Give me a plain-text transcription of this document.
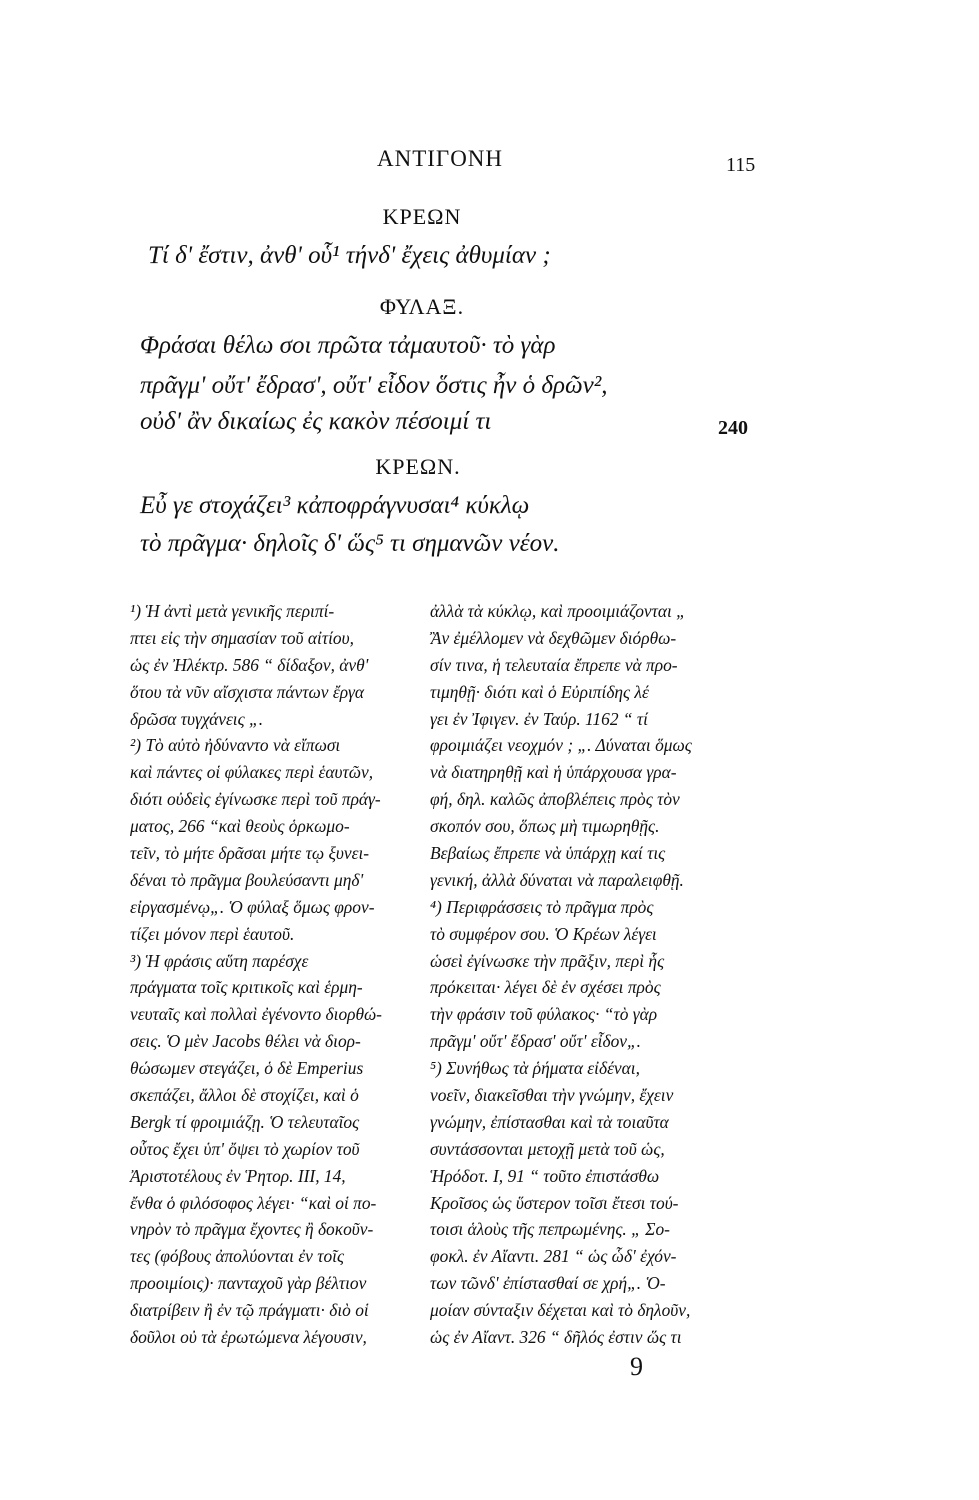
ΑΝΤΙΓΟΝΗ	115
ΚΡΕΩΝ
Τί δ' ἔστιν, ἀνθ' οὗ¹ τήνδ' ἔχεις ἀθυμίαν ;
ΦΥΛΑΞ.
Φράσαι θέλω σοι πρῶτα τἀμαυτοῦ· τὸ γὰρ
πρᾶγμ' οὔτ' ἔδρασ', οὔτ' εἶδον ὅστις ἦν ὁ δρῶν²,
οὐδ' ἂν δικαίως ἐς κακὸν πέσοιμί τι	240
ΚΡΕΩΝ.
Εὖ γε στοχάζει³ κἀποφράγνυσαι⁴ κύκλῳ
τὸ πρᾶγμα· δηλοῖς δ' ὥς⁵ τι σημανῶν νέον.
¹) Ἡ ἀντὶ μετὰ γενικῆς περιπί-
πτει εἰς τὴν σημασίαν τοῦ αἰτίου,
ὡς ἐν Ἠλέκτρ. 586 “ δίδαξον, ἀνθ'
ὅτου τὰ νῦν αἴσχιστα πάντων ἔργα
δρῶσα τυγχάνεις „.
²) Τὸ αὐτὸ ἠδύναντο νὰ εἴπωσι
καὶ πάντες οἱ φύλακες περὶ ἑαυτῶν,
διότι οὐδεὶς ἐγίνωσκε περὶ τοῦ πράγ-
ματος, 266 “καὶ θεοὺς ὁρκωμο-
τεῖν, τὸ μήτε δρᾶσαι μήτε τῳ ξυνει-
δέναι τὸ πρᾶγμα βουλεύσαντι μηδ'
εἰργασμένῳ„. Ὁ φύλαξ ὅμως φρον-
τίζει μόνον περὶ ἑαυτοῦ.
³) Ἡ φράσις αὕτη παρέσχε
πράγματα τοῖς κριτικοῖς καὶ ἑρμη-
νευταῖς καὶ πολλαὶ ἐγένοντο διορθώ-
σεις. Ὁ μὲν Jacobs θέλει νὰ διορ-
θώσωμεν στεγάζει, ὁ δὲ Emperius
σκεπάζει, ἄλλοι δὲ στοχίζει, καὶ ὁ
Bergk τί φροιμιάζῃ. Ὁ τελευταῖος
οὗτος ἔχει ὑπ' ὄψει τὸ χωρίον τοῦ
Ἀριστοτέλους ἐν Ῥητορ. ΙΙΙ, 14,
ἔνθα ὁ φιλόσοφος λέγει· “καὶ οἱ πο-
νηρὸν τὸ πρᾶγμα ἔχοντες ἢ δοκοῦν-
τες (φόβους ἀπολύονται ἐν τοῖς
προοιμίοις)· πανταχοῦ γὰρ βέλτιον
διατρίβειν ἢ ἐν τῷ πράγματι· διὸ οἱ
δοῦλοι οὐ τὰ ἐρωτώμενα λέγουσιν,
ἀλλὰ τὰ κύκλῳ, καὶ προοιμιάζονται „
Ἂν ἐμέλλομεν νὰ δεχθῶμεν διόρθω-
σίν τινα, ἡ τελευταία ἔπρεπε νὰ προ-
τιμηθῇ· διότι καὶ ὁ Εὐριπίδης λέ
γει ἐν Ἰφιγεν. ἐν Ταύρ. 1162 “ τί
φροιμιάζει νεοχμόν ; „. Δύναται ὅμως
νὰ διατηρηθῇ καὶ ἡ ὑπάρχουσα γρα-
φή, δηλ. καλῶς ἀποβλέπεις πρὸς τὸν
σκοπόν σου, ὅπως μὴ τιμωρηθῇς.
Βεβαίως ἔπρεπε νὰ ὑπάρχῃ καί τις
γενική, ἀλλὰ δύναται νὰ παραλειφθῇ.
⁴) Περιφράσσεις τὸ πρᾶγμα πρὸς
τὸ συμφέρον σου. Ὁ Κρέων λέγει
ὡσεὶ ἐγίνωσκε τὴν πρᾶξιν, περὶ ἧς
πρόκειται· λέγει δὲ ἐν σχέσει πρὸς
τὴν φράσιν τοῦ φύλακος· “τὸ γὰρ
πρᾶγμ' οὔτ' ἔδρασ' οὔτ' εἶδον„.
⁵) Συνήθως τὰ ῥήματα εἰδέναι,
νοεῖν, διακεῖσθαι τὴν γνώμην, ἔχειν
γνώμην, ἐπίστασθαι καὶ τὰ τοιαῦτα
συντάσσονται μετοχῇ μετὰ τοῦ ὡς,
Ἡρόδοτ. Ι, 91 “ τοῦτο ἐπιστάσθω
Κροῖσος ὡς ὕστερον τοῖσι ἔτεσι τού-
τοισι ἁλοὺς τῆς πεπρωμένης. „ Σο-
φοκλ. ἐν Αἴαντι. 281 “ ὡς ὧδ' ἐχόν-
των τῶνδ' ἐπίστασθαί σε χρή„. Ὁ-
μοίαν σύνταξιν δέχεται καὶ τὸ δηλοῦν,
ὡς ἐν Αἴαντ. 326 “ δῆλός ἐστιν ὥς τι
9
